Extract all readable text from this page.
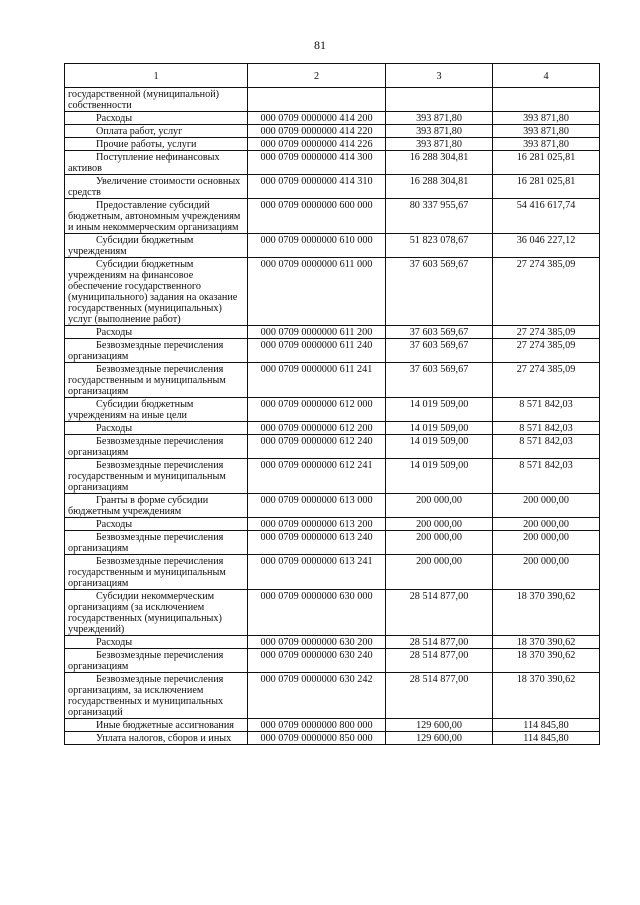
81
1	2	3	4
государственной (муниципальной) собственности			

Расходы	000 0709 0000000 414 200	393 871,80	393 871,80

Оплата работ, услуг	000 0709 0000000 414 220	393 871,80	393 871,80

Прочие работы, услуги	000 0709 0000000 414 226	393 871,80	393 871,80

Поступление нефинансовых активов	000 0709 0000000 414 300	16 288 304,81	16 281 025,81

Увеличение стоимости основных средств	000 0709 0000000 414 310	16 288 304,81	16 281 025,81

Предоставление субсидий бюджетным, автономным учреждениям и иным некоммерческим организациям	000 0709 0000000 600 000	80 337 955,67	54 416 617,74

Субсидии бюджетным учреждениям	000 0709 0000000 610 000	51 823 078,67	36 046 227,12

Субсидии бюджетным учреждениям на финансовое обеспечение государственного (муниципального) задания на оказание государственных (муниципальных) услуг (выполнение работ)	000 0709 0000000 611 000	37 603 569,67	27 274 385,09

Расходы	000 0709 0000000 611 200	37 603 569,67	27 274 385,09

Безвозмездные перечисления организациям	000 0709 0000000 611 240	37 603 569,67	27 274 385,09

Безвозмездные перечисления государственным и муниципальным организациям	000 0709 0000000 611 241	37 603 569,67	27 274 385,09

Субсидии бюджетным учреждениям на иные цели	000 0709 0000000 612 000	14 019 509,00	8 571 842,03

Расходы	000 0709 0000000 612 200	14 019 509,00	8 571 842,03

Безвозмездные перечисления организациям	000 0709 0000000 612 240	14 019 509,00	8 571 842,03

Безвозмездные перечисления государственным и муниципальным организациям	000 0709 0000000 612 241	14 019 509,00	8 571 842,03

Гранты в форме субсидии бюджетным учреждениям	000 0709 0000000 613 000	200 000,00	200 000,00

Расходы	000 0709 0000000 613 200	200 000,00	200 000,00

Безвозмездные перечисления организациям	000 0709 0000000 613 240	200 000,00	200 000,00

Безвозмездные перечисления государственным и муниципальным организациям	000 0709 0000000 613 241	200 000,00	200 000,00

Субсидии некоммерческим организациям (за исключением государственных (муниципальных) учреждений)	000 0709 0000000 630 000	28 514 877,00	18 370 390,62

Расходы	000 0709 0000000 630 200	28 514 877,00	18 370 390,62

Безвозмездные перечисления организациям	000 0709 0000000 630 240	28 514 877,00	18 370 390,62

Безвозмездные перечисления организациям, за исключением государственных и муниципальных организаций	000 0709 0000000 630 242	28 514 877,00	18 370 390,62

Иные бюджетные ассигнования	000 0709 0000000 800 000	129 600,00	114 845,80

Уплата налогов, сборов и иных	000 0709 0000000 850 000	129 600,00	114 845,80
